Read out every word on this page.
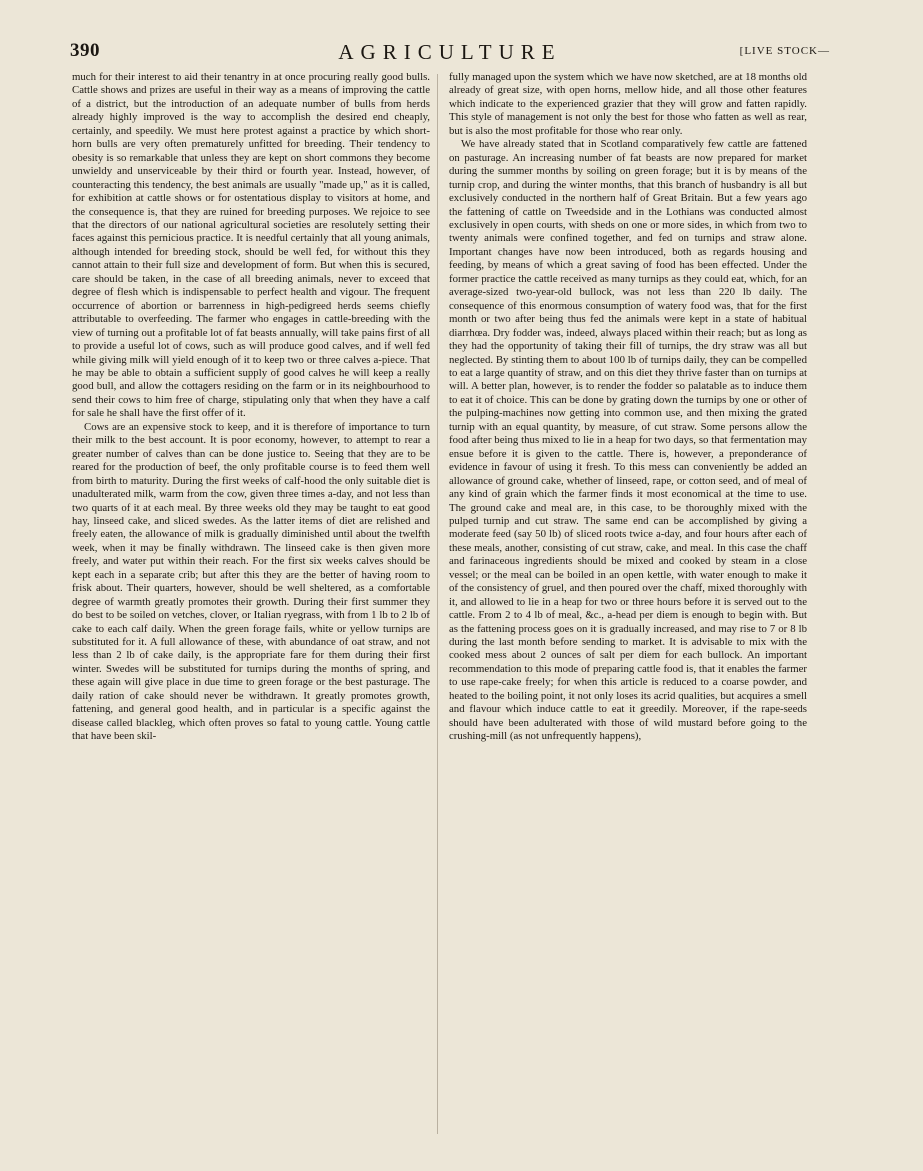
390	AGRICULTURE	[LIVE STOCK—

much for their interest to aid their tenantry in at once procuring really good bulls. Cattle shows and prizes are useful in their way as a means of improving the cattle of a district, but the introduction of an adequate number of bulls from herds already highly improved is the way to accomplish the desired end cheaply, certainly, and speedily. We must here protest against a practice by which short-horn bulls are very often prematurely unfitted for breeding. Their tendency to obesity is so remarkable that unless they are kept on short commons they become unwieldy and unserviceable by their third or fourth year. Instead, however, of counteracting this tendency, the best animals are usually "made up," as it is called, for exhibition at cattle shows or for ostentatious display to visitors at home, and the consequence is, that they are ruined for breeding purposes. We rejoice to see that the directors of our national agricultural societies are resolutely setting their faces against this pernicious practice. It is needful certainly that all young animals, although intended for breeding stock, should be well fed, for without this they cannot attain to their full size and development of form. But when this is secured, care should be taken, in the case of all breeding animals, never to exceed that degree of flesh which is indispensable to perfect health and vigour. The frequent occurrence of abortion or barrenness in high-pedigreed herds seems chiefly attributable to overfeeding. The farmer who engages in cattle-breeding with the view of turning out a profitable lot of fat beasts annually, will take pains first of all to provide a useful lot of cows, such as will produce good calves, and if well fed while giving milk will yield enough of it to keep two or three calves a-piece. That he may be able to obtain a sufficient supply of good calves he will keep a really good bull, and allow the cottagers residing on the farm or in its neighbourhood to send their cows to him free of charge, stipulating only that when they have a calf for sale he shall have the first offer of it.

Cows are an expensive stock to keep, and it is therefore of importance to turn their milk to the best account. It is poor economy, however, to attempt to rear a greater number of calves than can be done justice to. Seeing that they are to be reared for the production of beef, the only profitable course is to feed them well from birth to maturity. During the first weeks of calf-hood the only suitable diet is unadulterated milk, warm from the cow, given three times a-day, and not less than two quarts of it at each meal. By three weeks old they may be taught to eat good hay, linseed cake, and sliced swedes. As the latter items of diet are relished and freely eaten, the allowance of milk is gradually diminished until about the twelfth week, when it may be finally withdrawn. The linseed cake is then given more freely, and water put within their reach. For the first six weeks calves should be kept each in a separate crib; but after this they are the better of having room to frisk about. Their quarters, however, should be well sheltered, as a comfortable degree of warmth greatly promotes their growth. During their first summer they do best to be soiled on vetches, clover, or Italian ryegrass, with from 1 lb to 2 lb of cake to each calf daily. When the green forage fails, white or yellow turnips are substituted for it. A full allowance of these, with abundance of oat straw, and not less than 2 lb of cake daily, is the appropriate fare for them during their first winter. Swedes will be substituted for turnips during the months of spring, and these again will give place in due time to green forage or the best pasturage. The daily ration of cake should never be withdrawn. It greatly promotes growth, fattening, and general good health, and in particular is a specific against the disease called blackleg, which often proves so fatal to young cattle. Young cattle that have been skil-

fully managed upon the system which we have now sketched, are at 18 months old already of great size, with open horns, mellow hide, and all those other features which indicate to the experienced grazier that they will grow and fatten rapidly. This style of management is not only the best for those who fatten as well as rear, but is also the most profitable for those who rear only.

We have already stated that in Scotland comparatively few cattle are fattened on pasturage. An increasing number of fat beasts are now prepared for market during the summer months by soiling on green forage; but it is by means of the turnip crop, and during the winter months, that this branch of husbandry is all but exclusively conducted in the northern half of Great Britain. But a few years ago the fattening of cattle on Tweedside and in the Lothians was conducted almost exclusively in open courts, with sheds on one or more sides, in which from two to twenty animals were confined together, and fed on turnips and straw alone. Important changes have now been introduced, both as regards housing and feeding, by means of which a great saving of food has been effected. Under the former practice the cattle received as many turnips as they could eat, which, for an average-sized two-year-old bullock, was not less than 220 lb daily. The consequence of this enormous consumption of watery food was, that for the first month or two after being thus fed the animals were kept in a state of habitual diarrhœa. Dry fodder was, indeed, always placed within their reach; but as long as they had the opportunity of taking their fill of turnips, the dry straw was all but neglected. By stinting them to about 100 lb of turnips daily, they can be compelled to eat a large quantity of straw, and on this diet they thrive faster than on turnips at will. A better plan, however, is to render the fodder so palatable as to induce them to eat it of choice. This can be done by grating down the turnips by one or other of the pulping-machines now getting into common use, and then mixing the grated turnip with an equal quantity, by measure, of cut straw. Some persons allow the food after being thus mixed to lie in a heap for two days, so that fermentation may ensue before it is given to the cattle. There is, however, a preponderance of evidence in favour of using it fresh. To this mess can conveniently be added an allowance of ground cake, whether of linseed, rape, or cotton seed, and of meal of any kind of grain which the farmer finds it most economical at the time to use. The ground cake and meal are, in this case, to be thoroughly mixed with the pulped turnip and cut straw. The same end can be accomplished by giving a moderate feed (say 50 lb) of sliced roots twice a-day, and four hours after each of these meals, another, consisting of cut straw, cake, and meal. In this case the chaff and farinaceous ingredients should be mixed and cooked by steam in a close vessel; or the meal can be boiled in an open kettle, with water enough to make it of the consistency of gruel, and then poured over the chaff, mixed thoroughly with it, and allowed to lie in a heap for two or three hours before it is served out to the cattle. From 2 to 4 lb of meal, &c., a-head per diem is enough to begin with. But as the fattening process goes on it is gradually increased, and may rise to 7 or 8 lb during the last month before sending to market. It is advisable to mix with the cooked mess about 2 ounces of salt per diem for each bullock. An important recommendation to this mode of preparing cattle food is, that it enables the farmer to use rape-cake freely; for when this article is reduced to a coarse powder, and heated to the boiling point, it not only loses its acrid qualities, but acquires a smell and flavour which induce cattle to eat it greedily. Moreover, if the rape-seeds should have been adulterated with those of wild mustard before going to the crushing-mill (as not unfrequently happens),
